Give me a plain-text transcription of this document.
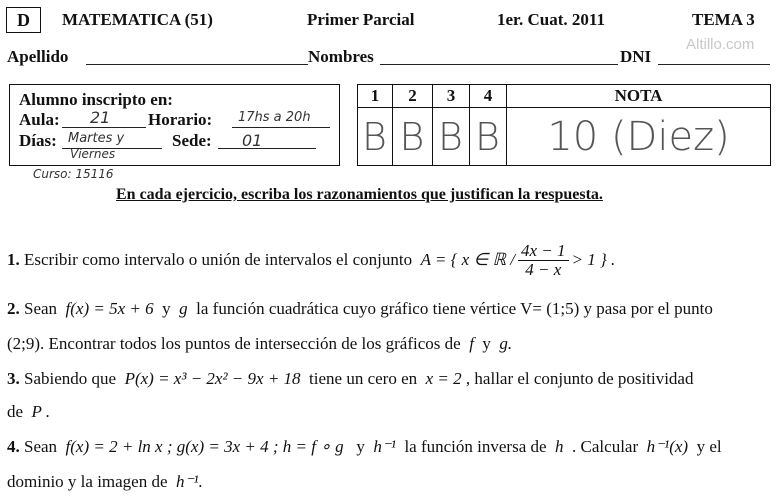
D	MATEMATICA (51)	Primer Parcial	1er. Cuat. 2011	TEMA 3
Apellido	Nombres	DNI
Altillo.com
Alumno inscripto en:
Aula: 21 Horario: 17hs a 20h
Días: Martes y
Viernes
Sede: 01
Curso: 15116
1	2	3	4	NOTA
B	B	B	B	10 (Diez)
En cada ejercicio, escriba los razonamientos que justifican la respuesta.
1.
Escribir como intervalo o unión de intervalos el conjunto
A = { x ∈ ℝ / $\frac{4x - 1}{4 - x} > 1$ } .
2. Sean f(x) = 5x + 6 y g la función cuadrática cuyo gráfico tiene vértice V= (1;5) y pasa por el punto
(2;9). Encontrar todos los puntos de intersección de los gráficos de f y g.
3. Sabiendo que P(x) = x³ − 2x² − 9x + 18 tiene un cero en x = 2 , hallar el conjunto de positividad
de P .
4. Sean f(x) = 2 + ln x ; g(x) = 3x + 4 ; h = f ∘ g y h⁻¹ la función inversa de h . Calcular h⁻¹(x) y el
dominio y la imagen de h⁻¹.
